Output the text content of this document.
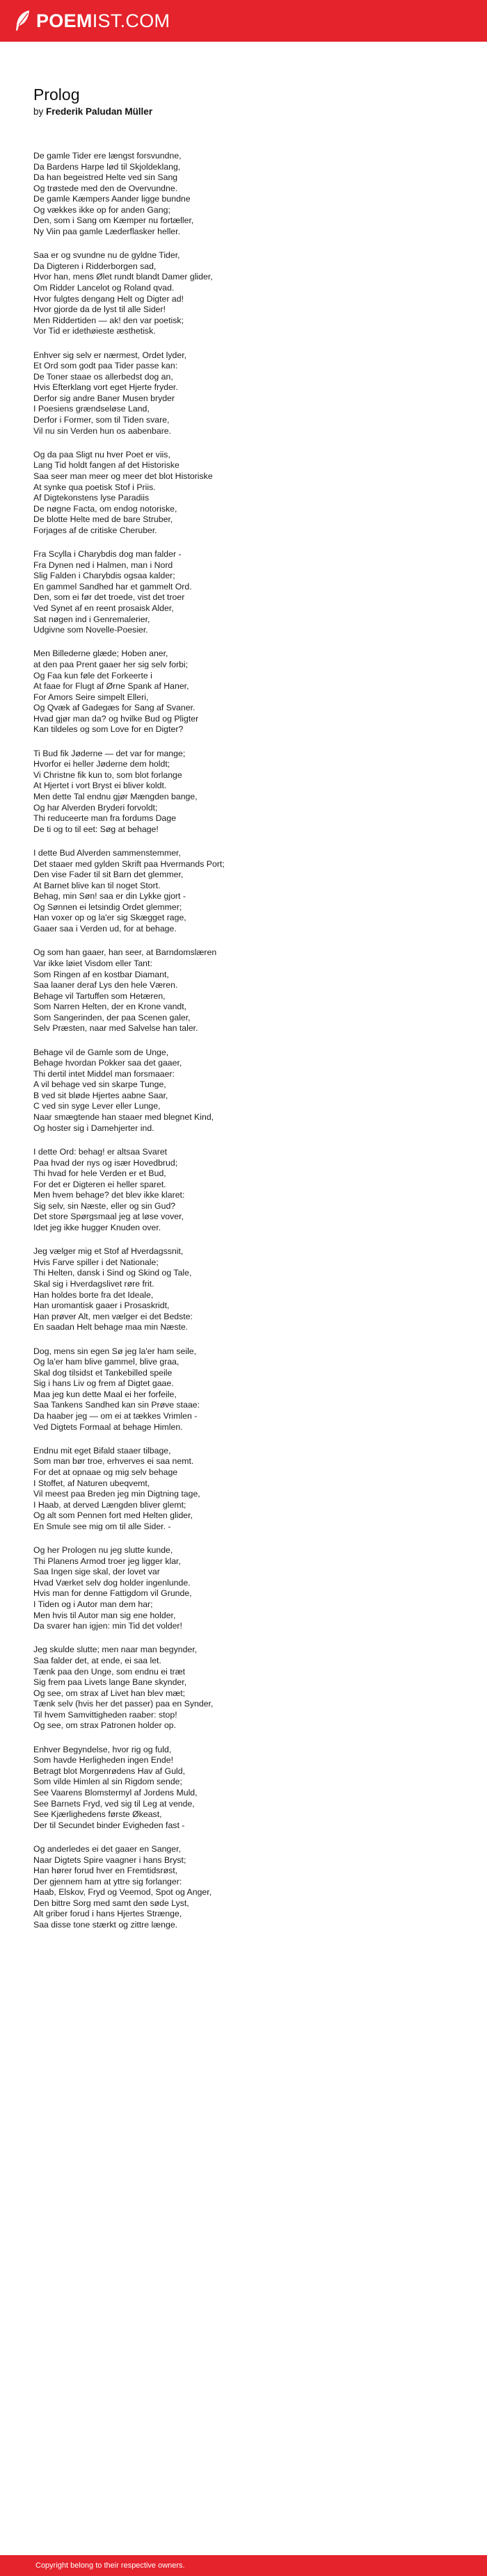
POEMIST.COM
Prolog
by Frederik Paludan Müller
De gamle Tider ere længst forsvundne,
Da Bardens Harpe lød til Skjoldeklang,
Da han begeistred Helte ved sin Sang
Og trøstede med den de Overvundne.
De gamle Kæmpers Aander ligge bundne
Og vækkes ikke op for anden Gang;
Den, som i Sang om Kæmper nu fortæller,
Ny Viin paa gamle Læderflasker heller.
Saa er og svundne nu de gyldne Tider,
Da Digteren i Ridderborgen sad,
Hvor han, mens Ølet rundt blandt Damer glider,
Om Ridder Lancelot og Roland qvad.
Hvor fulgtes dengang Helt og Digter ad!
Hvor gjorde da de lyst til alle Sider!
Men Riddertiden — ak! den var poetisk;
Vor Tid er idethøieste æsthetisk.
Enhver sig selv er nærmest, Ordet lyder,
Et Ord som godt paa Tider passe kan:
De Toner staae os allerbedst dog an,
Hvis Efterklang vort eget Hjerte fryder.
Derfor sig andre Baner Musen bryder
I Poesiens grændseløse Land,
Derfor i Former, som til Tiden svare,
Vil nu sin Verden hun os aabenbare.
Og da paa Sligt nu hver Poet er viis,
Lang Tid holdt fangen af det Historiske
Saa seer man meer og meer det blot Historiske
At synke qua poetisk Stof i Priis.
Af Digtekonstens lyse Paradiis
De nøgne Facta, om endog notoriske,
De blotte Helte med de bare Struber,
Forjages af de critiske Cheruber.
Fra Scylla i Charybdis dog man falder -
Fra Dynen ned i Halmen, man i Nord
Slig Falden i Charybdis ogsaa kalder;
En gammel Sandhed har et gammelt Ord.
Den, som ei før det troede, vist det troer
Ved Synet af en reent prosaisk Alder,
Sat nøgen ind i Genremalerier,
Udgivne som Novelle-Poesier.
Men Billederne glæde; Hoben aner,
at den paa Prent gaaer her sig selv forbi;
Og Faa kun føle det Forkeerte i
At faae for Flugt af Ørne Spank af Haner,
For Amors Seire simpelt Elleri,
Og Qvæk af Gadegæs for Sang af Svaner.
Hvad gjør man da? og hvilke Bud og Pligter
Kan tildeles og som Love for en Digter?
Ti Bud fik Jøderne — det var for mange;
Hvorfor ei heller Jøderne dem holdt;
Vi Christne fik kun to, som blot forlange
At Hjertet i vort Bryst ei bliver koldt.
Men dette Tal endnu gjør Mængden bange,
Og har Alverden Bryderi forvoldt;
Thi reduceerte man fra fordums Dage
De ti og to til eet: Søg at behage!
I dette Bud Alverden sammenstemmer,
Det staaer med gylden Skrift paa Hvermands Port;
Den vise Fader til sit Barn det glemmer,
At Barnet blive kan til noget Stort.
Behag, min Søn! saa er din Lykke gjort -
Og Sønnen ei letsindig Ordet glemmer;
Han voxer op og la'er sig Skægget rage,
Gaaer saa i Verden ud, for at behage.
Og som han gaaer, han seer, at Barndomslæren
Var ikke løiet Visdom eller Tant:
Som Ringen af en kostbar Diamant,
Saa laaner deraf Lys den hele Væren.
Behage vil Tartuffen som Hetæren,
Som Narren Helten, der en Krone vandt,
Som Sangerinden, der paa Scenen galer,
Selv Præsten, naar med Salvelse han taler.
Behage vil de Gamle som de Unge,
Behage hvordan Pokker saa det gaaer,
Thi dertil intet Middel man forsmaaer:
A vil behage ved sin skarpe Tunge,
B ved sit bløde Hjertes aabne Saar,
C ved sin syge Lever eller Lunge,
Naar smægtende han staaer med blegnet Kind,
Og hoster sig i Damehjerter ind.
I dette Ord: behag! er altsaa Svaret
Paa hvad der nys og især Hovedbrud;
Thi hvad for hele Verden er et Bud,
For det er Digteren ei heller sparet.
Men hvem behage? det blev ikke klaret:
Sig selv, sin Næste, eller og sin Gud?
Det store Spørgsmaal jeg at løse vover,
Idet jeg ikke hugger Knuden over.
Jeg vælger mig et Stof af Hverdagssnit,
Hvis Farve spiller i det Nationale;
Thi Helten, dansk i Sind og Skind og Tale,
Skal sig i Hverdagslivet røre frit.
Han holdes borte fra det Ideale,
Han uromantisk gaaer i Prosaskridt,
Han prøver Alt, men vælger ei det Bedste:
En saadan Helt behage maa min Næste.
Dog, mens sin egen Sø jeg la'er ham seile,
Og la'er ham blive gammel, blive graa,
Skal dog tilsidst et Tankebilled speile
Sig i hans Liv og frem af Digtet gaae.
Maa jeg kun dette Maal ei her forfeile,
Saa Tankens Sandhed kan sin Prøve staae:
Da haaber jeg — om ei at tækkes Vrimlen -
Ved Digtets Formaal at behage Himlen.
Endnu mit eget Bifald staaer tilbage,
Som man bør troe, erhverves ei saa nemt.
For det at opnaae og mig selv behage
I Stoffet, af Naturen ubeqvemt,
Vil meest paa Breden jeg min Digtning tage,
I Haab, at derved Længden bliver glemt;
Og alt som Pennen fort med Helten glider,
En Smule see mig om til alle Sider. -
Og her Prologen nu jeg slutte kunde,
Thi Planens Armod troer jeg ligger klar,
Saa Ingen sige skal, der lovet var
Hvad Værket selv dog holder ingenlunde.
Hvis man for denne Fattigdom vil Grunde,
I Tiden og i Autor man dem har;
Men hvis til Autor man sig ene holder,
Da svarer han igjen: min Tid det volder!
Jeg skulde slutte; men naar man begynder,
Saa falder det, at ende, ei saa let.
Tænk paa den Unge, som endnu ei træt
Sig frem paa Livets lange Bane skynder,
Og see, om strax af Livet han blev mæt;
Tænk selv (hvis her det passer) paa en Synder,
Til hvem Samvittigheden raaber: stop!
Og see, om strax Patronen holder op.
Enhver Begyndelse, hvor rig og fuld,
Som havde Herligheden ingen Ende!
Betragt blot Morgenrødens Hav af Guld,
Som vilde Himlen al sin Rigdom sende;
See Vaarens Blomstermyl af Jordens Muld,
See Barnets Fryd, ved sig til Leg at vende,
See Kjærlighedens første Økeast,
Der til Secundet binder Evigheden fast -
Og anderledes ei det gaaer en Sanger,
Naar Digtets Spire vaagner i hans Bryst;
Han hører forud hver en Fremtidsrøst,
Der gjennem ham at yttre sig forlanger:
Haab, Elskov, Fryd og Veemod, Spot og Anger,
Den bittre Sorg med samt den søde Lyst,
Alt griber forud i hans Hjertes Strænge,
Saa disse tone stærkt og zittre længe.
Copyright belong to their respective owners.
